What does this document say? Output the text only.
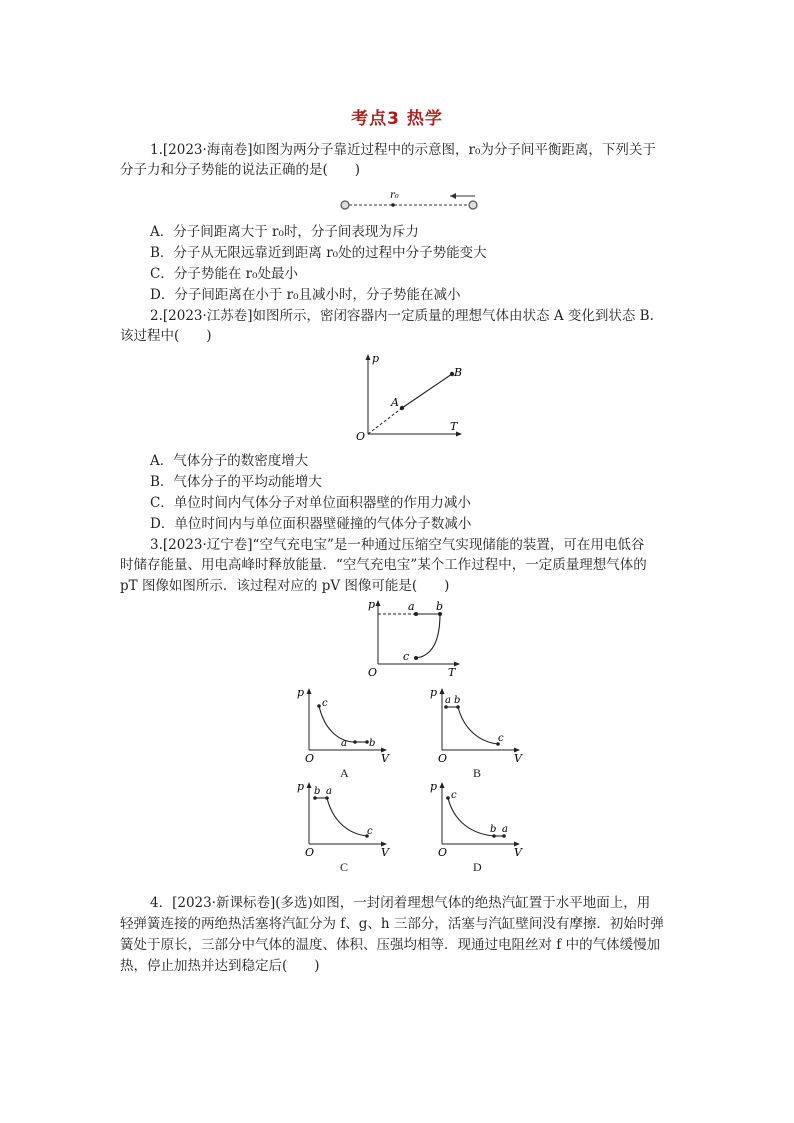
考点3 热学
1.[2023·海南卷]如图为两分子靠近过程中的示意图，r₀为分子间平衡距离，下列关于
分子力和分子势能的说法正确的是(　　)
r₀
A．分子间距离大于 r₀时，分子间表现为斥力
B．分子从无限远靠近到距离 r₀处的过程中分子势能变大
C．分子势能在 r₀处最小
D．分子间距离在小于 r₀且减小时，分子势能在减小
2.[2023·江苏卷]如图所示，密闭容器内一定质量的理想气体由状态 A 变化到状态 B.
该过程中(　　)
p
T
O
A
B
A．气体分子的数密度增大
B．气体分子的平均动能增大
C．单位时间内气体分子对单位面积器壁的作用力减小
D．单位时间内与单位面积器壁碰撞的气体分子数减小
3.[2023·辽宁卷]“空气充电宝”是一种通过压缩空气实现储能的装置，可在用电低谷
时储存能量、用电高峰时释放能量．“空气充电宝”某个工作过程中，一定质量理想气体的
pT 图像如图所示．该过程对应的 pV 图像可能是(　　)
p
T
O
a b
c
p
V
O
c
a b
A
p
V
O
a b
c
B
p
V
O
b a
c
C
p
V
O
c
b a
D
4．[2023·新课标卷](多选)如图，一封闭着理想气体的绝热汽缸置于水平地面上，用
轻弹簧连接的两绝热活塞将汽缸分为 f、g、h 三部分，活塞与汽缸壁间没有摩擦．初始时弹
簧处于原长，三部分中气体的温度、体积、压强均相等．现通过电阻丝对 f 中的气体缓慢加
热，停止加热并达到稳定后(　　)
